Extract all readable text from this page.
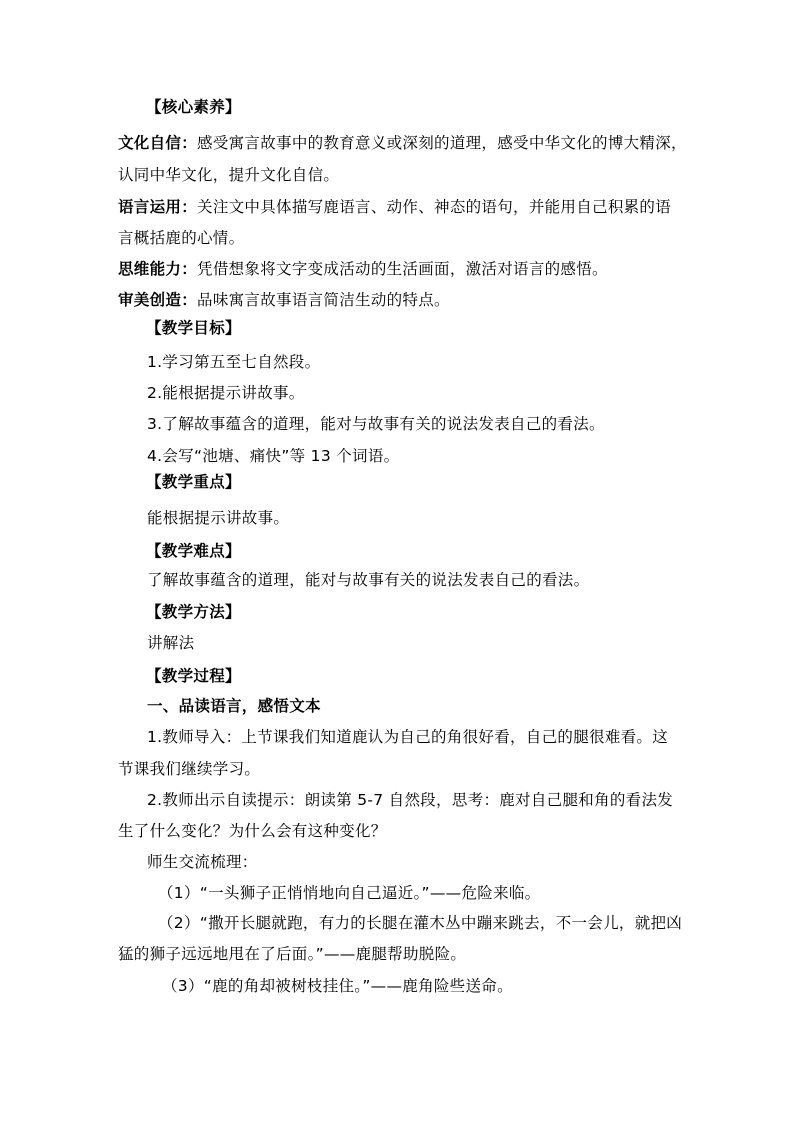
【核心素养】
文化自信：感受寓言故事中的教育意义或深刻的道理，感受中华文化的博大精深，
认同中华文化，提升文化自信。
语言运用：关注文中具体描写鹿语言、动作、神态的语句，并能用自己积累的语
言概括鹿的心情。
思维能力：凭借想象将文字变成活动的生活画面，激活对语言的感悟。
审美创造：品味寓言故事语言简洁生动的特点。
【教学目标】
1.学习第五至七自然段。
2.能根据提示讲故事。
3.了解故事蕴含的道理，能对与故事有关的说法发表自己的看法。
4.会写“池塘、痛快”等 13 个词语。
【教学重点】
能根据提示讲故事。
【教学难点】
了解故事蕴含的道理，能对与故事有关的说法发表自己的看法。
【教学方法】
讲解法
【教学过程】
一、品读语言，感悟文本
1.教师导入：上节课我们知道鹿认为自己的角很好看，自己的腿很难看。这
节课我们继续学习。
2.教师出示自读提示：朗读第 5-7 自然段，思考：鹿对自己腿和角的看法发
生了什么变化？为什么会有这种变化？
师生交流梳理：
（1）“一头狮子正悄悄地向自己逼近。”——危险来临。
（2）“撒开长腿就跑，有力的长腿在灌木丛中蹦来跳去，不一会儿，就把凶
猛的狮子远远地甩在了后面。”——鹿腿帮助脱险。
（3）“鹿的角却被树枝挂住。”——鹿角险些送命。
